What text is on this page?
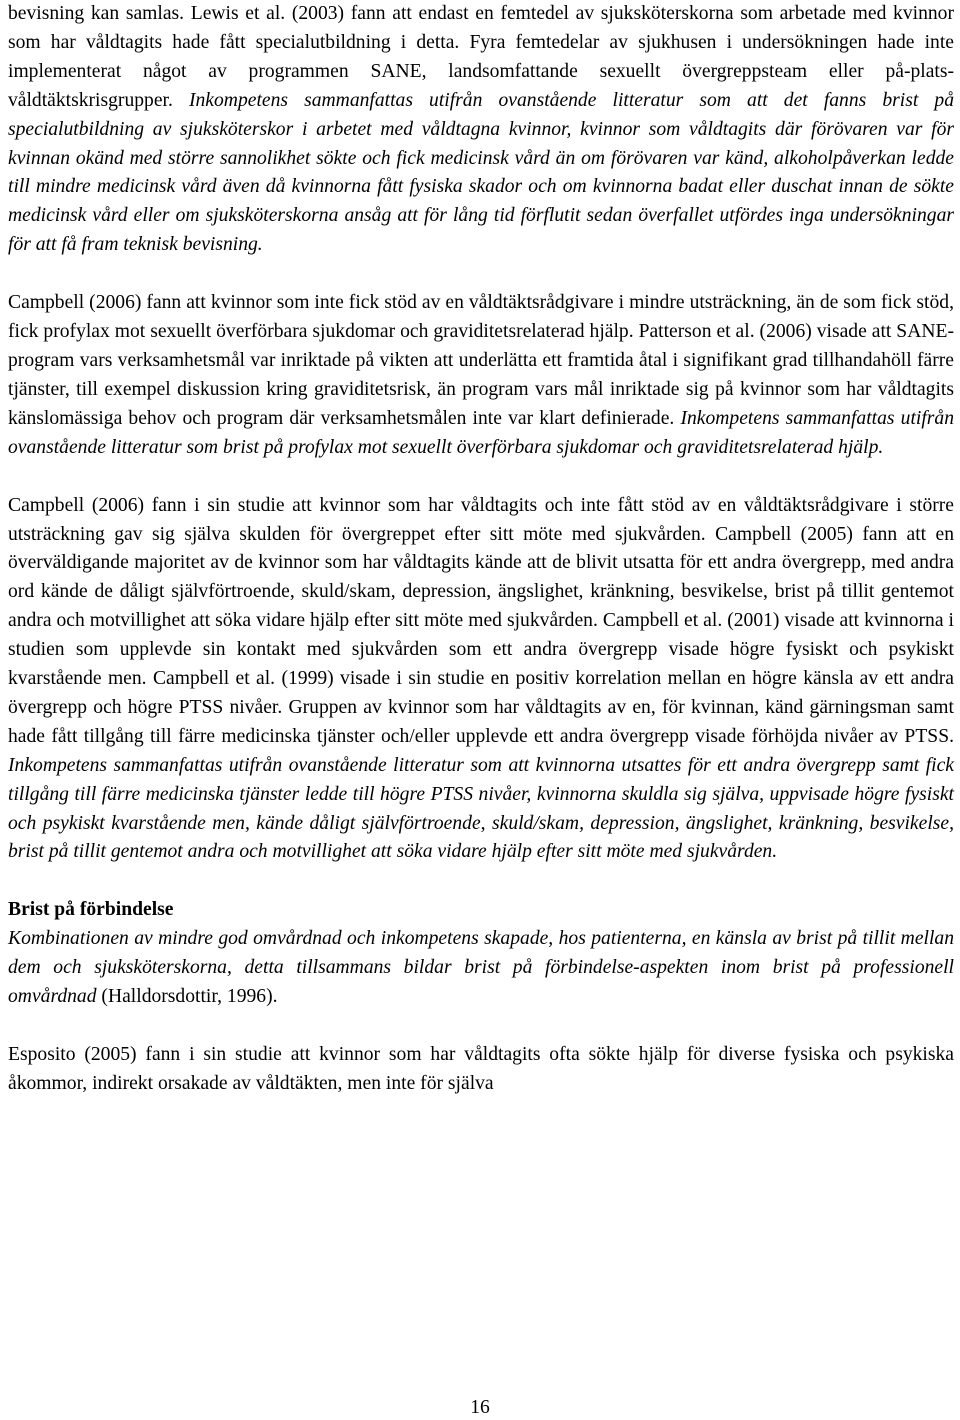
bevisning kan samlas. Lewis et al. (2003) fann att endast en femtedel av sjuksköterskorna som arbetade med kvinnor som har våldtagits hade fått specialutbildning i detta. Fyra femtedelar av sjukhusen i undersökningen hade inte implementerat något av programmen SANE, landsomfattande sexuellt övergreppsteam eller på-plats-våldtäktskrisgrupper. Inkompetens sammanfattas utifrån ovanstående litteratur som att det fanns brist på specialutbildning av sjuksköterskor i arbetet med våldtagna kvinnor, kvinnor som våldtagits där förövaren var för kvinnan okänd med större sannolikhet sökte och fick medicinsk vård än om förövaren var känd, alkoholpåverkan ledde till mindre medicinsk vård även då kvinnorna fått fysiska skador och om kvinnorna badat eller duschat innan de sökte medicinsk vård eller om sjuksköterskorna ansåg att för lång tid förflutit sedan överfallet utfördes inga undersökningar för att få fram teknisk bevisning.

Campbell (2006) fann att kvinnor som inte fick stöd av en våldtäktsrådgivare i mindre utsträckning, än de som fick stöd, fick profylax mot sexuellt överförbara sjukdomar och graviditetsrelaterad hjälp. Patterson et al. (2006) visade att SANE-program vars verksamhetsmål var inriktade på vikten att underlätta ett framtida åtal i signifikant grad tillhandahöll färre tjänster, till exempel diskussion kring graviditetsrisk, än program vars mål inriktade sig på kvinnor som har våldtagits känslomässiga behov och program där verksamhetsmålen inte var klart definierade. Inkompetens sammanfattas utifrån ovanstående litteratur som brist på profylax mot sexuellt överförbara sjukdomar och graviditetsrelaterad hjälp.

Campbell (2006) fann i sin studie att kvinnor som har våldtagits och inte fått stöd av en våldtäktsrådgivare i större utsträckning gav sig själva skulden för övergreppet efter sitt möte med sjukvården. Campbell (2005) fann att en överväldigande majoritet av de kvinnor som har våldtagits kände att de blivit utsatta för ett andra övergrepp, med andra ord kände de dåligt självförtroende, skuld/skam, depression, ängslighet, kränkning, besvikelse, brist på tillit gentemot andra och motvillighet att söka vidare hjälp efter sitt möte med sjukvården. Campbell et al. (2001) visade att kvinnorna i studien som upplevde sin kontakt med sjukvården som ett andra övergrepp visade högre fysiskt och psykiskt kvarstående men. Campbell et al. (1999) visade i sin studie en positiv korrelation mellan en högre känsla av ett andra övergrepp och högre PTSS nivåer. Gruppen av kvinnor som har våldtagits av en, för kvinnan, känd gärningsman samt hade fått tillgång till färre medicinska tjänster och/eller upplevde ett andra övergrepp visade förhöjda nivåer av PTSS. Inkompetens sammanfattas utifrån ovanstående litteratur som att kvinnorna utsattes för ett andra övergrepp samt fick tillgång till färre medicinska tjänster ledde till högre PTSS nivåer, kvinnorna skuldla sig själva, uppvisade högre fysiskt och psykiskt kvarstående men, kände dåligt självförtroende, skuld/skam, depression, ängslighet, kränkning, besvikelse, brist på tillit gentemot andra och motvillighet att söka vidare hjälp efter sitt möte med sjukvården.

Brist på förbindelse

Kombinationen av mindre god omvårdnad och inkompetens skapade, hos patienterna, en känsla av brist på tillit mellan dem och sjuksköterskorna, detta tillsammans bildar brist på förbindelse-aspekten inom brist på professionell omvårdnad (Halldorsdottir, 1996).

Esposito (2005) fann i sin studie att kvinnor som har våldtagits ofta sökte hjälp för diverse fysiska och psykiska åkommor, indirekt orsakade av våldtäkten, men inte för själva

16
